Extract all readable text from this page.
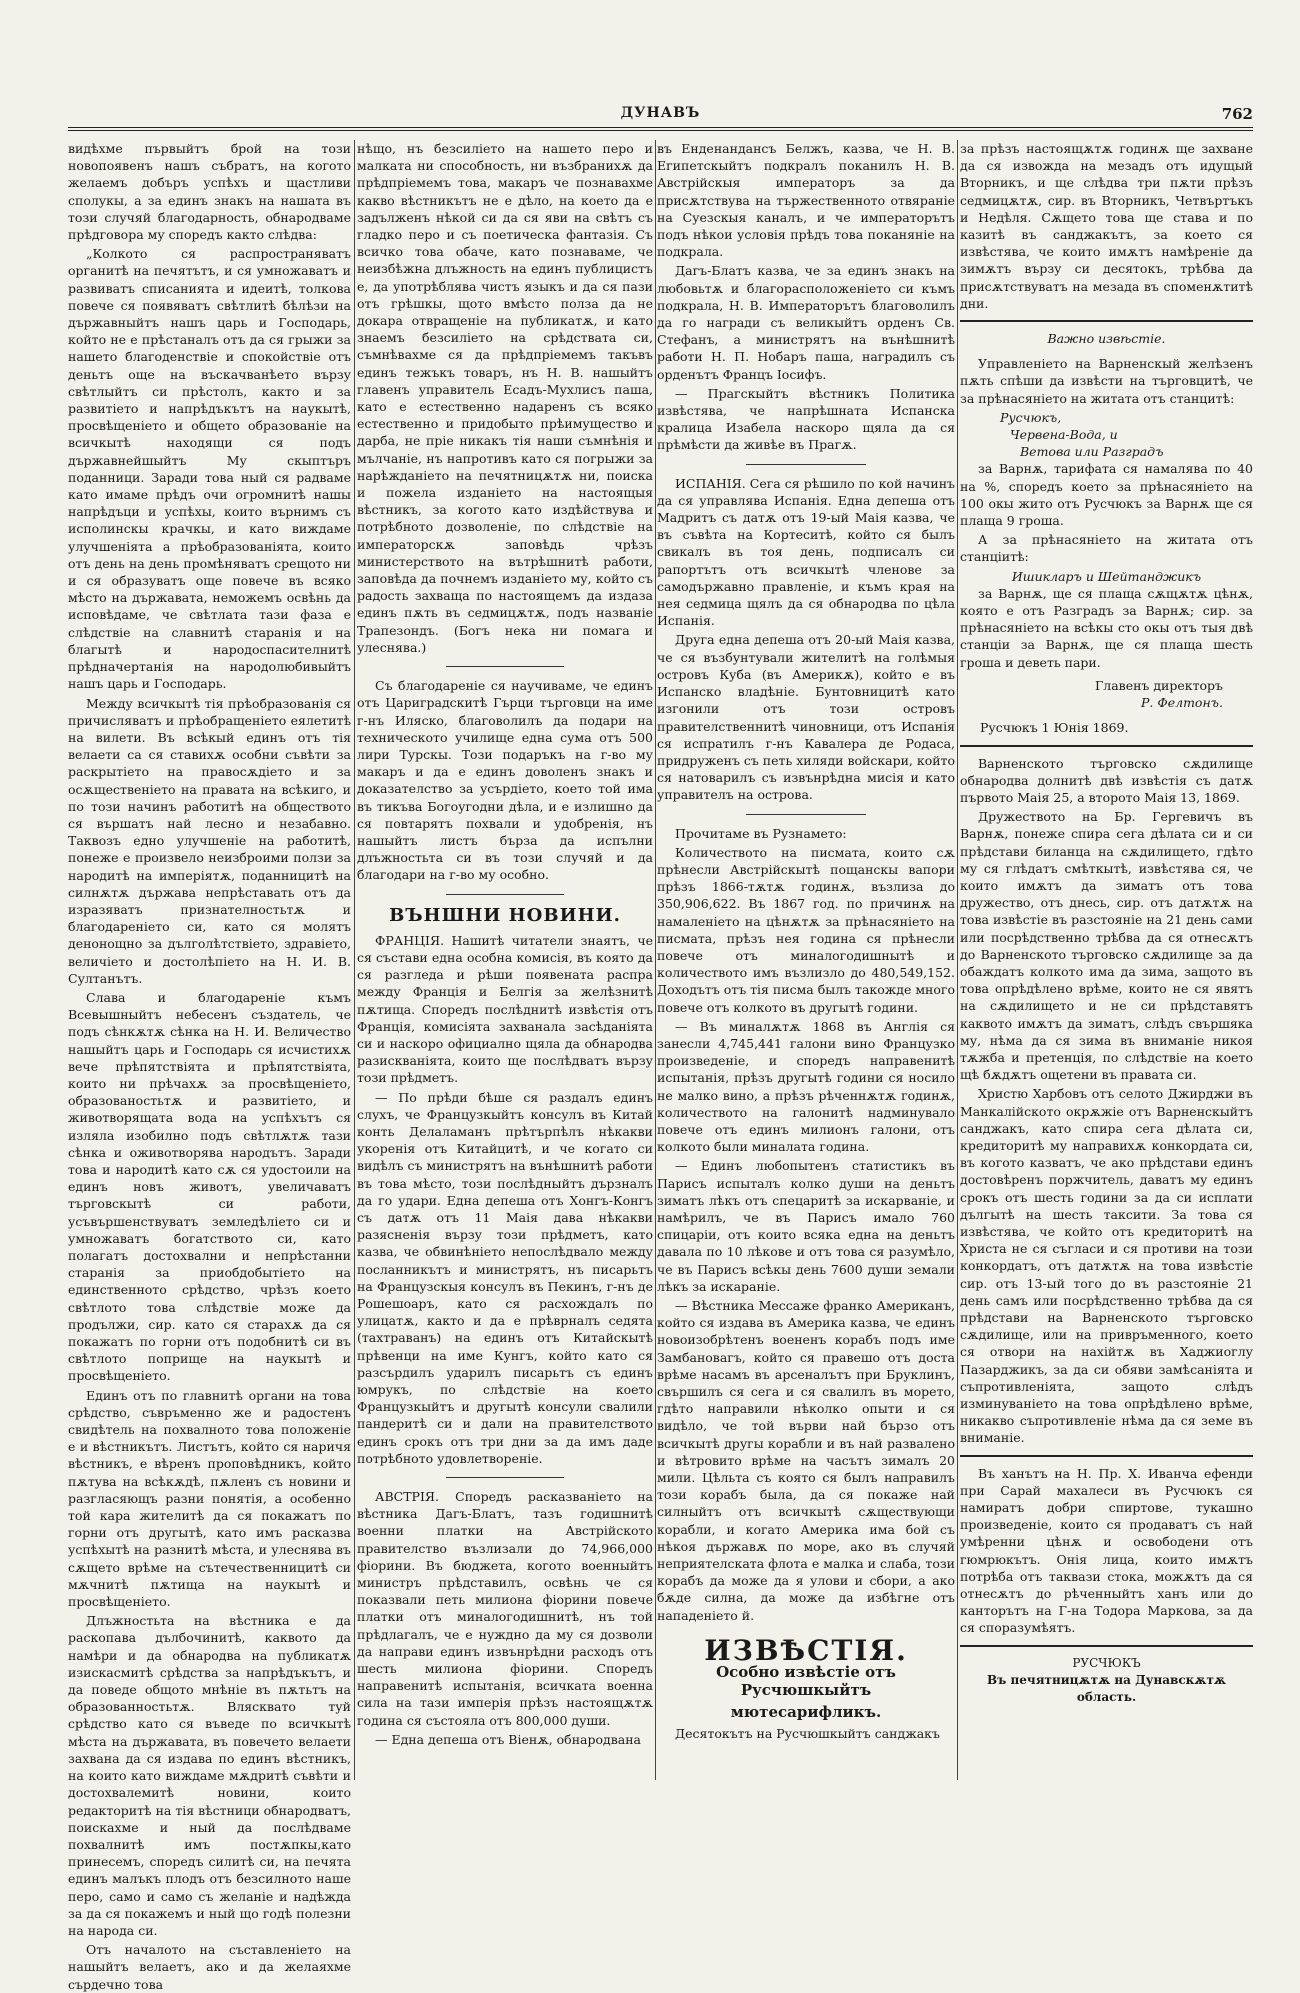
ДУНАВЪ	762

видѣхме първыйтъ брой на този новопоявенъ нашъ събратъ, на когото желаемъ добъръ успѣхъ и щастливи сполукы, а за единъ знакъ на нашата въ този случяй благодарность, обнародваме прѣдговора му споредъ както слѣдва:

„Колкото ся распространяватъ органитѣ на печятътъ, и ся умножаватъ и развиватъ списанията и идеитѣ, толкова повече ся появяватъ свѣтлитѣ бѣлѣзи на държавныйтъ нашъ царь и Господарь, който не е прѣстаналъ отъ да ся грыжи за нашето благоденствіе и спокойствіе отъ деньтъ още на въскачванѣето вързу свѣтлыйтъ си прѣстолъ, както и за развитіето и напрѣдъкътъ на наукытѣ, просвѣщеніето и общето образованіе на всичкытѣ находящи ся подъ държавнейшыйтъ Му скыптъръ поданници. Заради това ный ся радваме като имаме прѣдъ очи огромнитѣ нашы напрѣдъци и успѣхы, които върнимъ съ исполинскы крачкы, и като виждаме улучшеніята а прѣобразованіята, които отъ день на день промѣняватъ срещото ни и ся образуватъ още повече въ всяко мѣсто на държавата, неможемъ освѣнь да исповѣдаме, че свѣтлата тази фаза е слѣдствіе на славнитѣ старанія и на благытѣ и народоспасителнитѣ прѣдначертанія на народолюбивыйтъ нашъ царь и Господарь.

Между всичкытѣ тія прѣобразованія ся причисляватъ и прѣобращеніето еялетитѣ на вилети. Въ всѣкый единъ отъ тія велаети са ся ставихѫ особни съвѣти за раскрытіето на правосѫдіето и за осѫщественіето на правата на всѣкиго, и по този начинъ работитѣ на обществото ся вършатъ най лесно и незабавно. Таквозъ едно улучшеніе на работитѣ, понеже е произвело неизброими ползи за народитѣ на имперіятѫ, поданницитѣ на силнѫтѫ държава непрѣставать отъ да изразяватъ признателностьтѫ и благодареніето си, като ся молятъ денонощно за дълголѣтствіето, здравіето, величіето и достолѣпіето на Н. И. В. Султанътъ.

Слава и благодареніе къмъ Всевышныйтъ небесенъ създатель, че подъ сѣнкѫтѫ сѣнка на Н. И. Величество нашыйтъ царь и Господарь ся исчистихѫ вече прѣпятствіята и прѣпятствіята, които ни прѣчахѫ за просвѣщеніето, образованостьтѫ и развитіето, и животворящата вода на успѣхътъ ся изляла изобилно подъ свѣтлѫтѫ тази сѣнка и оживотворява народътъ. Заради това и народитѣ като сѫ ся удостоили на единъ новъ животъ, увеличаватъ търговскытѣ си работи, усъвършенствуватъ земледѣліето си и умножаватъ богатството си, като полагатъ достохвални и непрѣстанни старанія за приобдобытіето на единственното срѣдство, чрѣзъ което свѣтлото това слѣдствіе може да продължи, сир. като ся старахѫ да ся покажатъ по горни отъ подобнитѣ си въ свѣтлото поприще на наукытѣ и просвѣщеніето.

Единъ отъ по главнитѣ органи на това срѣдство, съвръменно же и радостенъ свидѣтель на похвалното това положеніе е и вѣстникътъ. Листътъ, който ся наричя вѣстникъ, е вѣренъ проповѣдникъ, който пѫтува на всѣкѫдѣ, пѫленъ съ новини и разгласяющъ разни понятія, а особенно той кара жителитѣ да ся покажатъ по горни отъ другытѣ, като имъ расказва успѣхытѣ на разнитѣ мѣста, и улеснява въ сѫщето врѣме на сътечественницитѣ си мѫчнитѣ пѫтища на наукытѣ и просвѣщеніето.

Длъжностьта на вѣстника е да раскопава дълбочинитѣ, каквото да намѣри и да обнародва на публикатѫ изискасмитѣ срѣдства за напрѣдъкътъ, и да поведе общото мнѣніе въ пѫтьтъ на образованностьтѫ. Влясквато туй срѣдство като ся въведе по всичкытѣ мѣста на държавата, въ повечето велаети захвана да ся издава по единъ вѣстникъ, на които като виждаме мѫдритѣ съвѣти и достохвалемитѣ новини, които редакторитѣ на тія вѣстници обнародватъ, поискахме и ный да послѣдваме похвалнитѣ имъ постѫпкы,като принесемъ, споредъ силитѣ си, на печята единъ малъкъ плодъ отъ безсилното наше перо, само и само съ желаніе и надѣжда за да ся покажемъ и ный що годѣ полезни на народа си.

Отъ началото на съставленіето на нашыйтъ велаетъ, ако и да желаяхме сърдечно това

нѣщо, нъ безсиліето на нашето перо и малката ни способность, ни възбранихѫ да прѣдпріемемъ това, макаръ че познавахме какво вѣстникътъ не е дѣло, на което да е задълженъ нѣкой си да ся яви на свѣтъ съ гладко перо и съ поетическа фантазія. Съ всичко това обаче, като познаваме, че неизбѣжна длъжность на единъ публицистъ е, да употрѣблява чистъ языкъ и да ся пази отъ грѣшкы, щото вмѣсто полза да не докара отвращеніе на публикатѫ, и като знаемъ безсиліето на срѣдствата си, съмнѣвахме ся да прѣдпріемемъ такъвъ единъ тежъкъ товаръ, нъ Н. В. нашыйтъ главенъ управитель Есадъ-Мухлисъ паша, като е естественно надаренъ съ всяко естественно и придобыто прѣимущество и дарба, не пріе никакъ тія наши съмнѣнія и мълчаніе, нъ напротивъ като ся погрыжи за нарѣжданіето на печятницѫтѫ ни, поиска и пожела изданіето на настоящыя вѣстникъ, за когото като издѣйствува и потрѣбното дозволеніе, по слѣдствіе на императорскѫ заповѣдь чрѣзъ министерството на вътрѣшнитѣ работи, заповѣда да почнемъ изданіето му, който съ радость захваща по настоящемъ да издаза единъ пѫть въ седмицѫтѫ, подъ названіе Трапезондъ. (Богъ нека ни помага и улеснява.)

Съ благодареніе ся научиваме, че единъ отъ Цариградскитѣ Гърци търговци на име г-нъ Иляско, благоволилъ да подари на техническото училище една сума отъ 500 лири Турскы. Този подаръкъ на г-во му макаръ и да е единъ доволенъ знакъ и доказателство за усърдіето, което той има въ тикъва Богоугодни дѣла, и е излишно да ся повтарятъ похвали и удобренія, нъ нашыйтъ листъ бърза да испълни длъжностьта си въ този случяй и да благодари на г-во му особно.

ВЪНШНИ НОВИНИ.

ФРАНЦІЯ. Нашитѣ читатели знаятъ, че ся състави една особна комисія, въ която да ся разгледа и рѣши появената распра между Франція и Белгія за желѣзнитѣ пѫтища. Споредъ послѣднитѣ извѣстія отъ Франція, комисіята захванала засѣданіята си и наскоро официално щяла да обнародва разискваніята, които ще послѣдватъ вързу този прѣдметъ.

— По прѣди бѣше ся раздалъ единъ слухъ, че Французкыйтъ консулъ въ Китай конть Делаламанъ прѣтърпѣлъ нѣкакви укоренія отъ Китайцитѣ, и че когато си видѣлъ съ министрятъ на вънѣшнитѣ работи въ това мѣсто, този послѣдныйтъ дързналъ да го удари. Една депеша отъ Хонгъ-Конгъ съ датѫ отъ 11 Маія дава нѣкакви разясненія вързу този прѣдметъ, като казва, че обвинѣніето непослѣдвало между посланникътъ и министрятъ, нъ писарьтъ на Французскыя консулъ въ Пекинъ, г-нъ де Рошешоаръ, като ся расхождалъ по улицатѫ, както и да е прѣврналъ седята (тахтраванъ) на единъ отъ Китайскытѣ прѣвенци на име Кунгъ, който като ся разсърдилъ ударилъ писарьтъ съ единъ юмрукъ, по слѣдствіе на което Французкыйтъ и другытѣ консули свалили пандеритѣ си и дали на правителството единъ срокъ отъ три дни за да имъ даде потрѣбното удовлетвореніе.

АВСТРІЯ. Споредъ расказваніето на вѣстника Дагъ-Блатъ, тазъ годишнитѣ военни платки на Австрійското правителство възлизали до 74,966,000 фіорини. Въ бюджета, когото военныйтъ министръ прѣдставилъ, освѣнь че ся показвали петь милиона фіорини повече платки отъ миналогодишнитѣ, нъ той прѣдлагалъ, че е нуждно да му ся дозволи да направи единъ извънрѣдни расходъ отъ шесть милиона фіорини. Споредъ направенитѣ испытанія, всичката военна сила на тази имперія прѣзъ настоящѫтѫ година ся състояла отъ 800,000 души.

— Една депеша отъ Віенѫ, обнародвана

въ Енденандансъ Белжъ, казва, че Н. В. Египетскыйтъ подкралъ поканилъ Н. В. Австрійскыя императоръ за да присѫтствува на тържественното отвяраніе на Суезскыя каналъ, и че императорътъ подъ нѣкои условія прѣдъ това поканяніе на подкрала.

Дагъ-Блатъ казва, че за единъ знакъ на любовьтѫ и благорасположеніето си къмъ подкрала, Н. В. Императорътъ благоволилъ да го награди съ великыйтъ орденъ Св. Стефанъ, а министрятъ на вънѣшнитѣ работи Н. П. Нобаръ паша, наградилъ съ орденътъ Францъ Іосифъ.

— Прагскыйтъ вѣстникъ Политика извѣстява, че напрѣшната Испанска кралица Изабела наскоро щяла да ся прѣмѣсти да живѣе въ Прагѫ.

ИСПАНІЯ. Сега ся рѣшило по кой начинъ да ся управлява Испанія. Една депеша отъ Мадритъ съ датѫ отъ 19-ый Маія казва, че въ съвѣта на Кортеситѣ, който ся былъ свикалъ въ тоя день, подписалъ си рапортътъ отъ всичкытѣ членове за самодържавно правленіе, и къмъ края на нея седмица щялъ да ся обнародва по цѣла Испанія.

Друга една депеша отъ 20-ый Маія казва, че ся възбунтували жителитѣ на голѣмыя островъ Куба (въ Америкѫ), който е въ Испанско владѣніе. Бунтовницитѣ като изгонили отъ този островъ правителственнитѣ чиновници, отъ Испанія ся испратилъ г-нъ Кавалера де Родаса, придруженъ съ петь хиляди войскари, който ся натоварилъ съ извънрѣдна мисія и като управителъ на острова.

Прочитаме въ Рузнамето:

Количеството на писмата, които сѫ прѣнесли Австрійскытѣ пощанскы вапори прѣзъ 1866-тѫтѫ годинѫ, възлиза до 350,906,622. Въ 1867 год. по причинѫ на намаленіето на цѣнѫтѫ за прѣнасяніето на писмата, прѣзъ нея година ся прѣнесли повече отъ миналогодишнытѣ и количеството имъ възлизло до 480,549,152. Доходътъ отъ тія писма былъ такожде много повече отъ колкото въ другытѣ години.

— Въ миналѫтѫ 1868 въ Англія ся занесли 4,745,441 галони вино Французко произведеніе, и споредъ направенитѣ испытанія, прѣзъ другытѣ години ся носило не малко вино, а прѣзъ рѣченнѫтѫ годинѫ, количеството на галонитѣ надминувало повече отъ единъ милионъ галони, отъ колкото были миналата година.

— Единъ любопытенъ статистикъ въ Парисъ испыталъ колко души на деньтъ зиматъ лѣкъ отъ спецаритѣ за искарваніе, и намѣрилъ, че въ Парисъ имало 760 спицаріи, отъ които всяка една на деньтъ давала по 10 лѣкове и отъ това ся разумѣло, че въ Парисъ всѣкы день 7600 души земали лѣкъ за искараніе.

— Вѣстника Мессаже франко Американъ, който ся издава въ Америка казва, че единъ новоизобрѣтенъ воененъ корабъ подъ име Замбановагъ, който ся правешо отъ доста врѣме насамъ въ арсеналътъ при Бруклинъ, свършилъ ся сега и ся свалилъ въ морето, гдѣто направили нѣколко опыти и ся видѣло, че той върви най бързо отъ всичкытѣ другы корабли и въ най развалено и вѣтровито врѣме на часътъ зималъ 20 мили. Цѣльта съ която ся былъ направилъ този корабъ была, да ся покаже най силныйтъ отъ всичкытѣ сѫществующи корабли, и когато Америка има бой съ нѣкоя държавѫ по море, ако въ случяй неприятелската флота е малка и слаба, този корабъ да може да я улови и сбори, а ако бѫде силна, да може да избѣгне отъ нападеніето й.

ИЗВѢСТІЯ.
Особно извѣстіе отъ Русчюшкыйтъ
мютесарифликъ.

Десятокътъ на Русчюшкыйтъ санджакъ

за прѣзъ настоящѫтѫ годинѫ ще захване да ся извожда на мезадъ отъ идущый Вторникъ, и ще слѣдва три пѫти прѣзъ седмицѫтѫ, сир. въ Вторникъ, Четвъртъкъ и Недѣля. Сѫщето това ще става и по казитѣ въ санджакътъ, за което ся извѣстява, че които имѫтъ намѣреніе да зимѫтъ вързу си десятокъ, трѣбва да присѫтствуватъ на мезада въ споменѫтитѣ дни.

Важно извѣстіе.

Управленіето на Варненскый желѣзенъ пѫть спѣши да извѣсти на търговцитѣ, че за прѣнасяніето на житата отъ станцитѣ:

Русчюкъ,
Червена-Вода, и
Ветова или Разградъ

за Варнѫ, тарифата ся намалява по 40 на %, споредъ което за прѣнасяніето на 100 окы жито отъ Русчюкъ за Варнѫ ще ся плаща 9 гроша.

А за прѣнасяніето на житата отъ станціитѣ:

Ишикларъ и Шейтанджикъ

за Варнѫ, ще ся плаща сѫщѫтѫ цѣнѫ, която е отъ Разградъ за Варнѫ; сир. за прѣнасяніето на всѣкы сто окы отъ тыя двѣ станціи за Варнѫ, ще ся плаща шесть гроша и деветь пари.

Главенъ директоръ
Р. Фелтонъ.
Русчюкъ 1 Юнія 1869.

Варненското търговско сѫдилище обнародва долнитѣ двѣ извѣстія съ датѫ първото Маія 25, а второто Маія 13, 1869.

Дружеството на Бр. Гергевичъ въ Варнѫ, понеже спира сега дѣлата си и си прѣдстави биланца на сѫдилището, гдѣто му ся глѣдатъ смѣткытѣ, извѣстява ся, че които имѫтъ да зиматъ отъ това дружество, отъ днесь, сир. отъ датѫтѫ на това извѣстіе въ разстояніе на 21 день сами или посрѣдственно трѣбва да ся отнесѫтъ до Варненското търговско сѫдилище за да обаждатъ колкото има да зима, защото въ това опрѣдѣлено врѣме, които не ся явятъ на сѫдилището и не си прѣдставятъ каквото имѫтъ да зиматъ, слѣдъ свършяка му, нѣма да ся зима въ вниманіе никоя тѫжба и претенція, по слѣдствіе на което щѣ бѫдѫтъ ощетени въ правата си.

Христю Харбовъ отъ селото Джирджи въ Манкалійското окрѫжіе отъ Варненскыйтъ санджакъ, като спира сега дѣлата си, кредиторитѣ му направихѫ конкордата си, въ когото казватъ, че ако прѣдстави единъ достовѣренъ поржчитель, даватъ му единъ срокъ отъ шесть години за да си исплати дългытѣ на шесть таксити. За това ся извѣстява, че който отъ кредиторитѣ на Христа не ся съгласи и ся противи на този конкордатъ, отъ датѫтѫ на това извѣстіе сир. отъ 13-ый того до въ разстояніе 21 день самъ или посрѣдственно трѣбва да ся прѣдстави на Варненското търговско сѫдилище, или на привръменного, което ся отвори на нахійтѫ въ Хаджиоглу Пазарджикъ, за да си обяви замѣсаніята и съпротивленіята, защото слѣдъ изминуваніето на това опрѣдѣлено врѣме, никакво съпротивленіе нѣма да ся земе въ вниманіе.

Въ ханътъ на Н. Пр. Х. Иванча ефенди при Сарай махалеси въ Русчюкъ ся намиратъ добри спиртове, тукашно произведеніе, които ся продаватъ съ най умѣренни цѣнѫ и освободени отъ гюмрюкътъ. Онія лица, които имѫтъ потрѣба отъ таквази стока, можѫтъ да ся отнесѫтъ до рѣченныйтъ ханъ или до канторътъ на Г-на Тодора Маркова, за да ся споразумѣятъ.

РУСЧЮКЪ
Въ печятницѫтѫ на Дунавскѫтѫ область.
